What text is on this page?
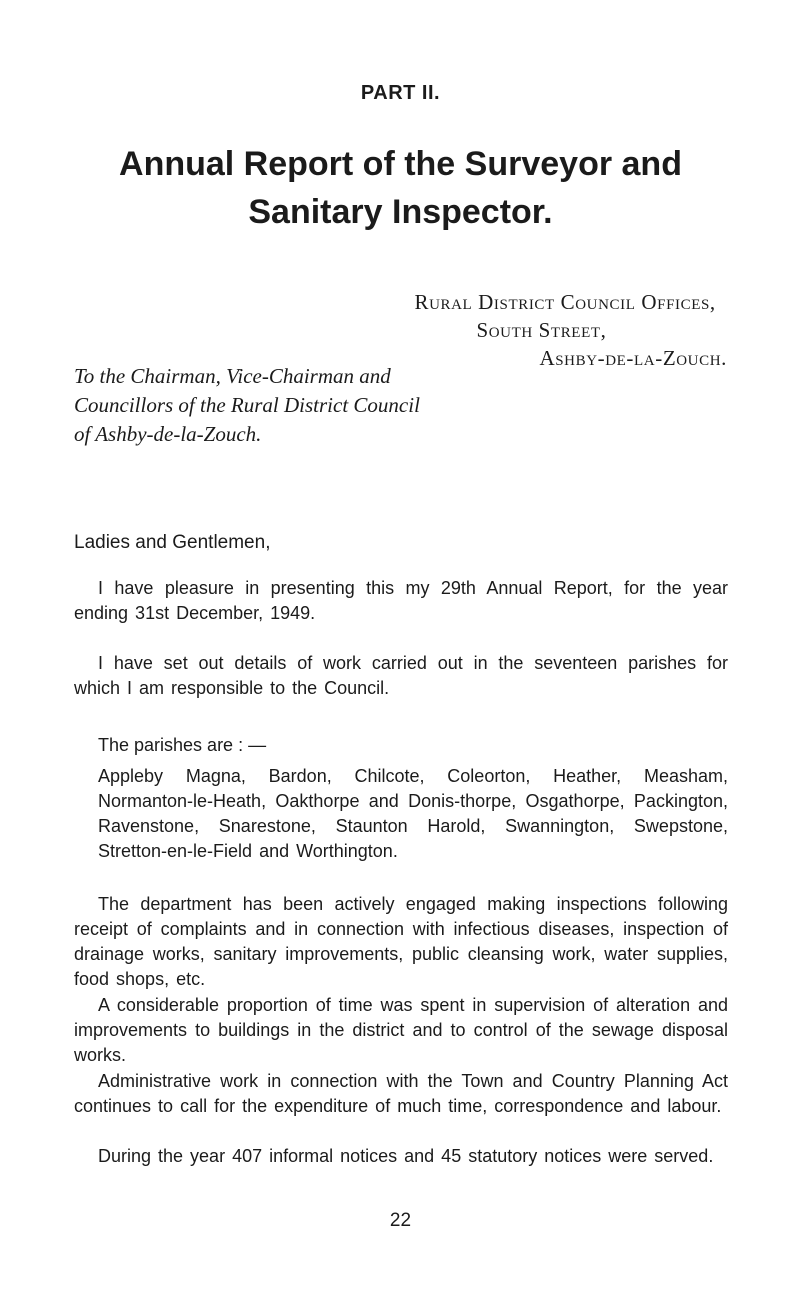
PART II.
Annual Report of the Surveyor and
Sanitary Inspector.
Rural District Council Offices,
South Street,
Ashby-de-la-Zouch.
To the Chairman, Vice-Chairman and
Councillors of the Rural District Council
of Ashby-de-la-Zouch.
Ladies and Gentlemen,

I have pleasure in presenting this my 29th Annual Report, for the year ending 31st December, 1949.

I have set out details of work carried out in the seventeen parishes for which I am responsible to the Council.

The parishes are : —

Appleby Magna, Bardon, Chilcote, Coleorton, Heather, Measham, Normanton-le-Heath, Oakthorpe and Donis-thorpe, Osgathorpe, Packington, Ravenstone, Snarestone, Staunton Harold, Swannington, Swepstone, Stretton-en-le-Field and Worthington.

The department has been actively engaged making inspections following receipt of complaints and in connection with infectious diseases, inspection of drainage works, sanitary improvements, public cleansing work, water supplies, food shops, etc.

A considerable proportion of time was spent in supervision of alteration and improvements to buildings in the district and to control of the sewage disposal works.

Administrative work in connection with the Town and Country Planning Act continues to call for the expenditure of much time, correspondence and labour.

During the year 407 informal notices and 45 statutory notices were served.

22
